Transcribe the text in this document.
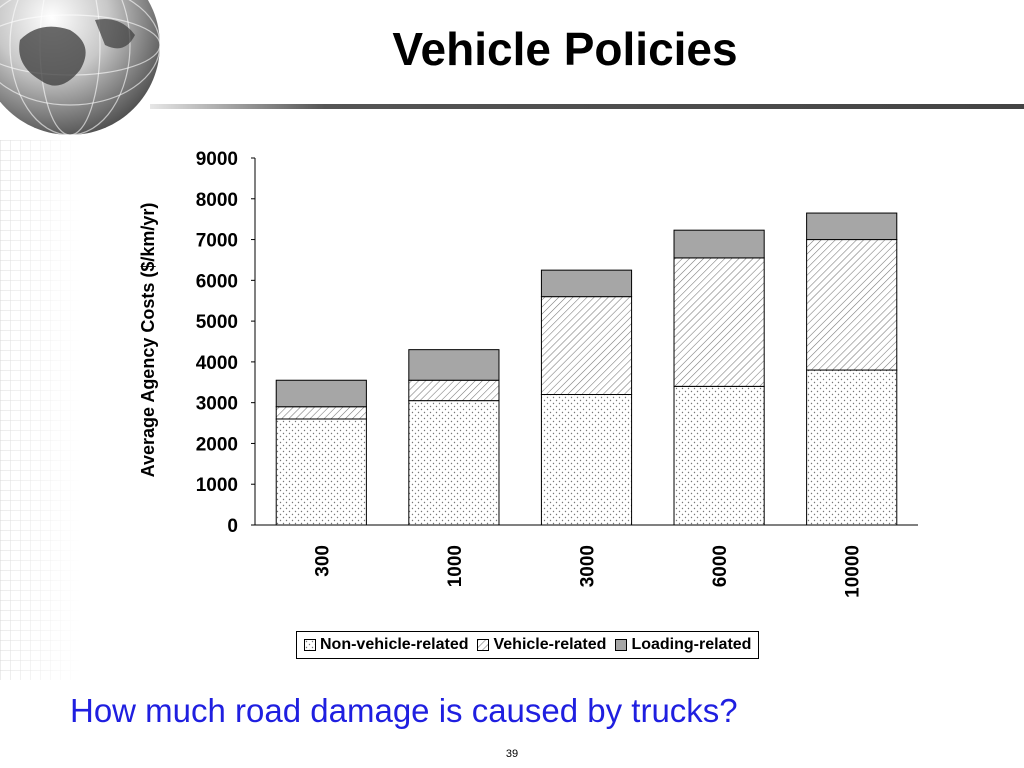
Vehicle Policies
300	1000	3000	6000	10000
0
1000
2000
3000
4000
5000
6000
7000
8000
9000
Average Agency Costs ($/km/yr)
Non-vehicle-related Vehicle-related Loading-related
How much road damage is caused by trucks?
39
